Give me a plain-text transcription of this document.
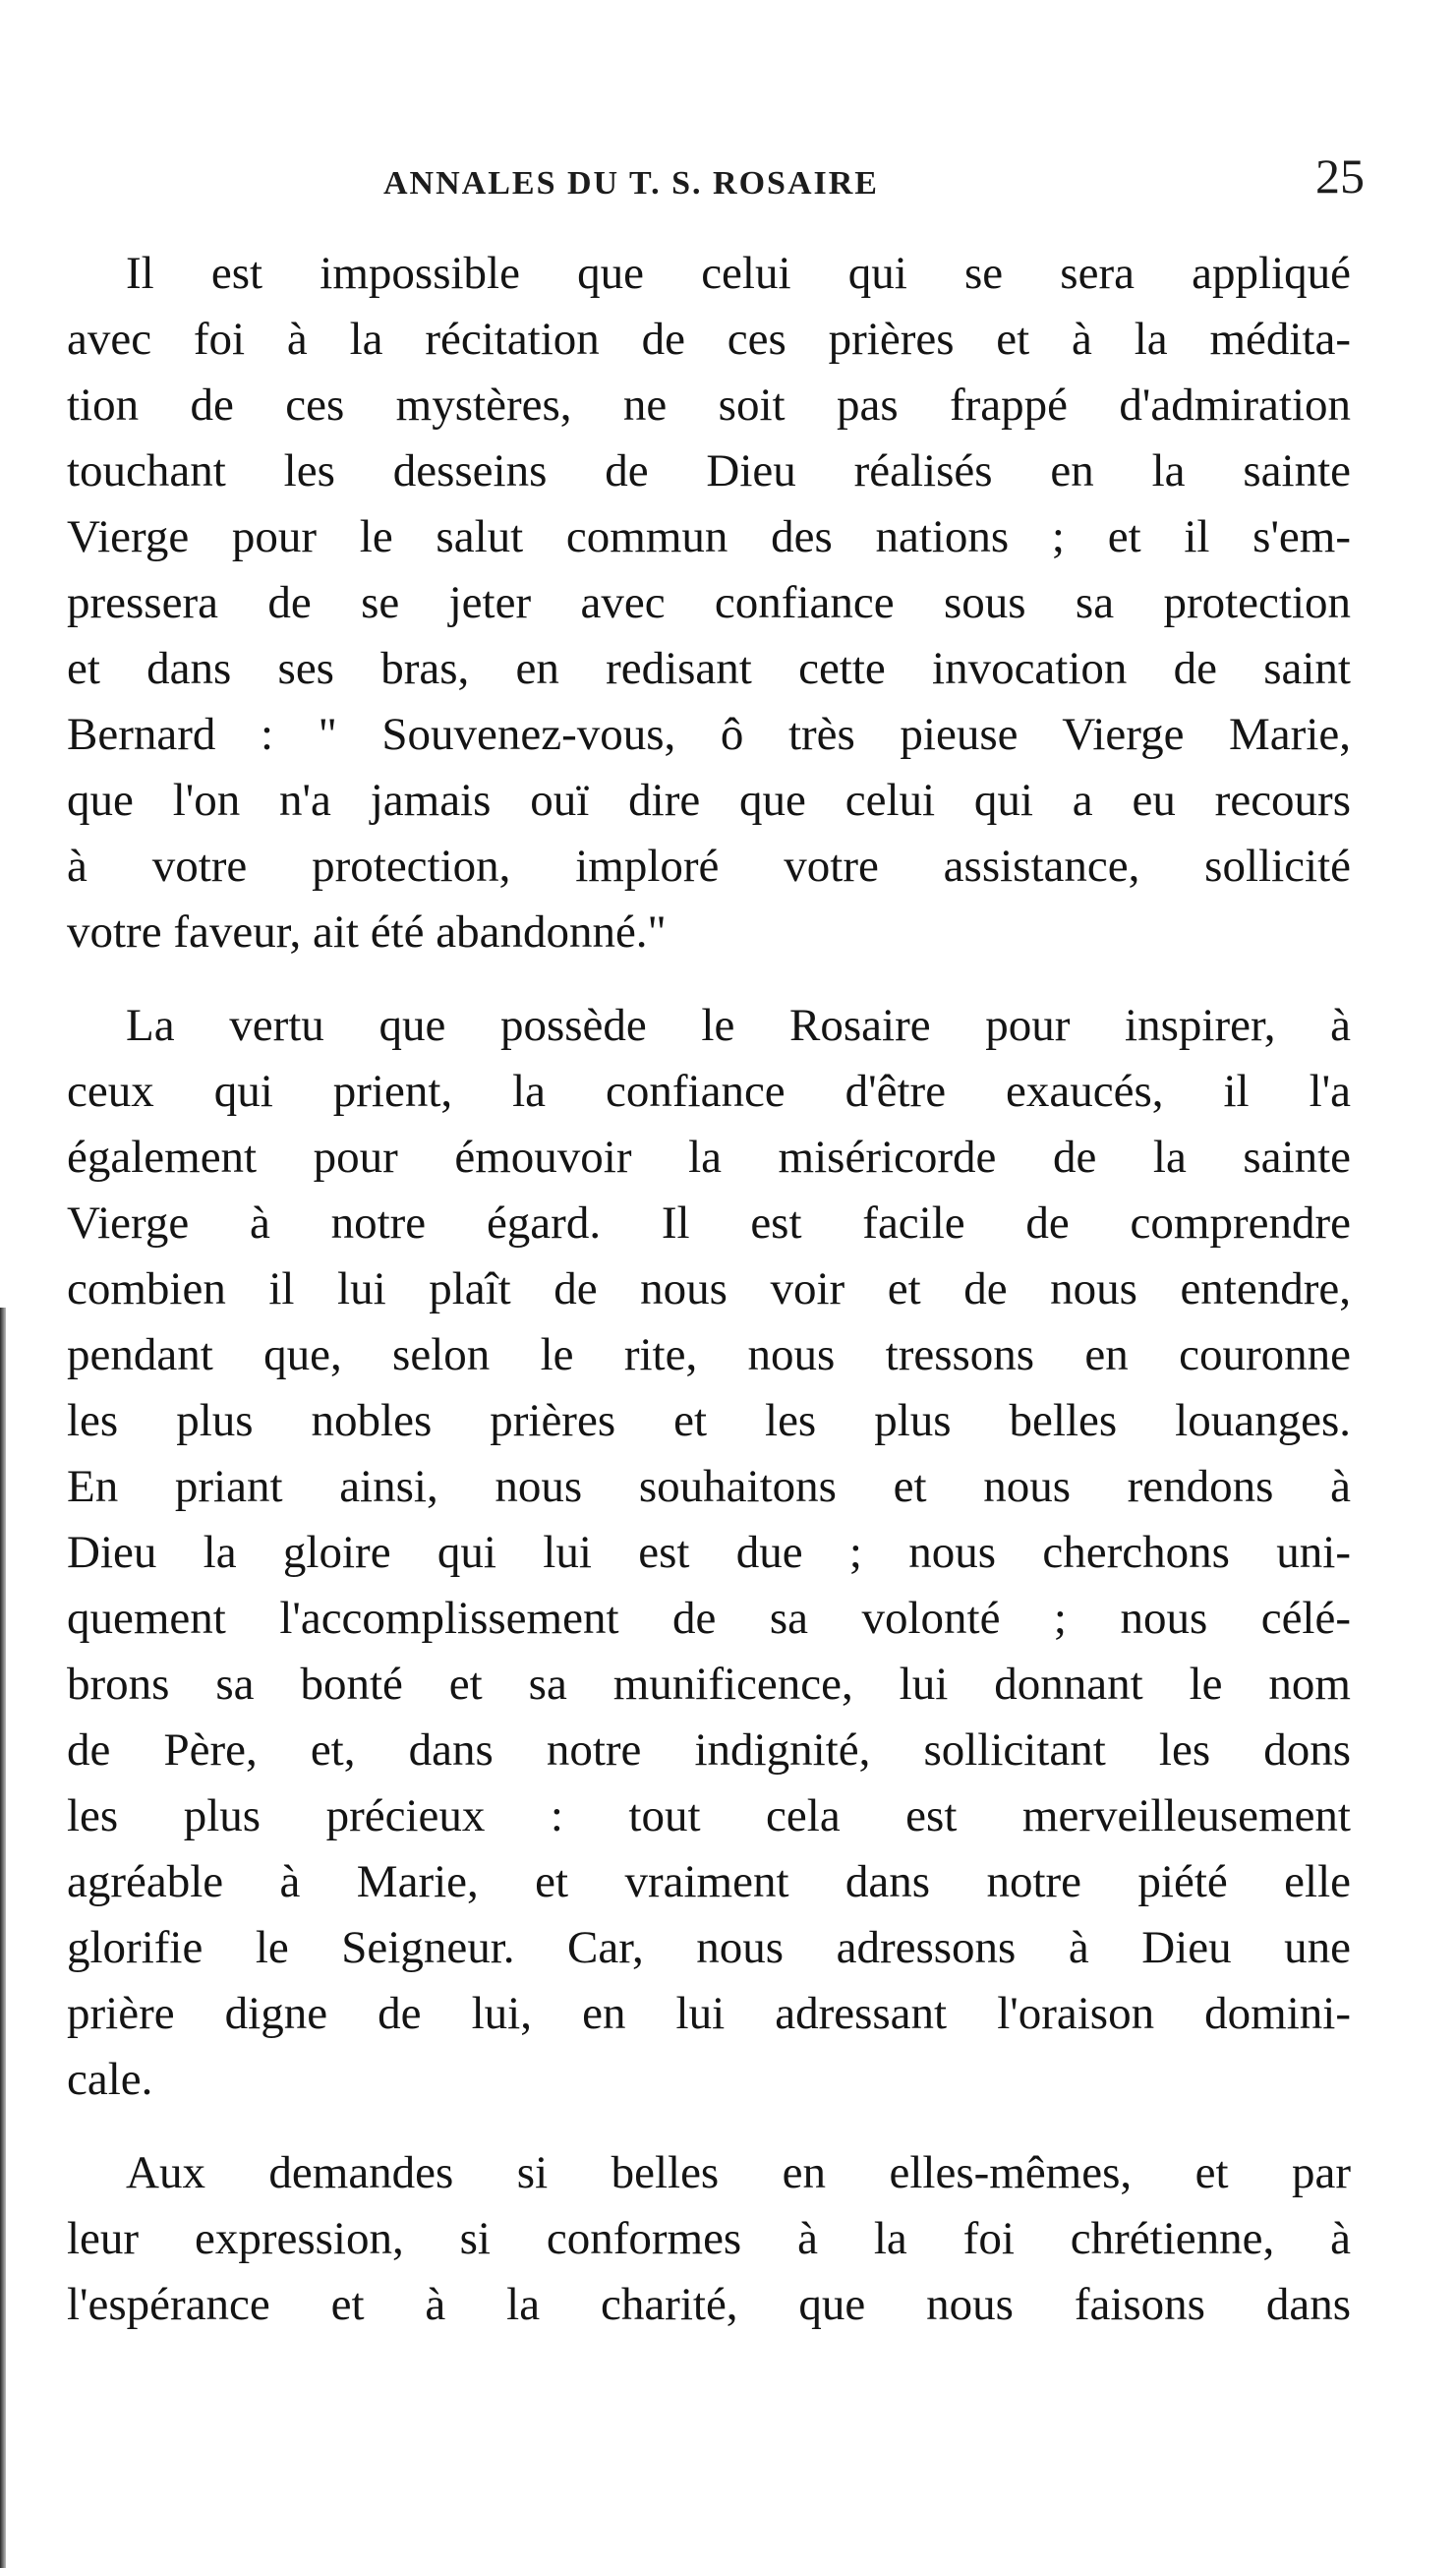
ANNALES DU T. S. ROSAIRE	25
Il est impossible que celui qui se sera appliqué
avec foi à la récitation de ces prières et à la médita-
tion de ces mystères, ne soit pas frappé d'admiration
touchant les desseins de Dieu réalisés en la sainte
Vierge pour le salut commun des nations ; et il s'em-
pressera de se jeter avec confiance sous sa protection
et dans ses bras, en redisant cette invocation de saint
Bernard : " Souvenez-vous, ô très pieuse Vierge Marie,
que l'on n'a jamais ouï dire que celui qui a eu recours
à votre protection, imploré votre assistance, sollicité
votre faveur, ait été abandonné."
La vertu que possède le Rosaire pour inspirer, à
ceux qui prient, la confiance d'être exaucés, il l'a
également pour émouvoir la miséricorde de la sainte
Vierge à notre égard. Il est facile de comprendre
combien il lui plaît de nous voir et de nous entendre,
pendant que, selon le rite, nous tressons en couronne
les plus nobles prières et les plus belles louanges.
En priant ainsi, nous souhaitons et nous rendons à
Dieu la gloire qui lui est due ; nous cherchons uni-
quement l'accomplissement de sa volonté ; nous célé-
brons sa bonté et sa munificence, lui donnant le nom
de Père, et, dans notre indignité, sollicitant les dons
les plus précieux : tout cela est merveilleusement
agréable à Marie, et vraiment dans notre piété elle
glorifie le Seigneur. Car, nous adressons à Dieu une
prière digne de lui, en lui adressant l'oraison domini-
cale.
Aux demandes si belles en elles-mêmes, et par
leur expression, si conformes à la foi chrétienne, à
l'espérance et à la charité, que nous faisons dans
